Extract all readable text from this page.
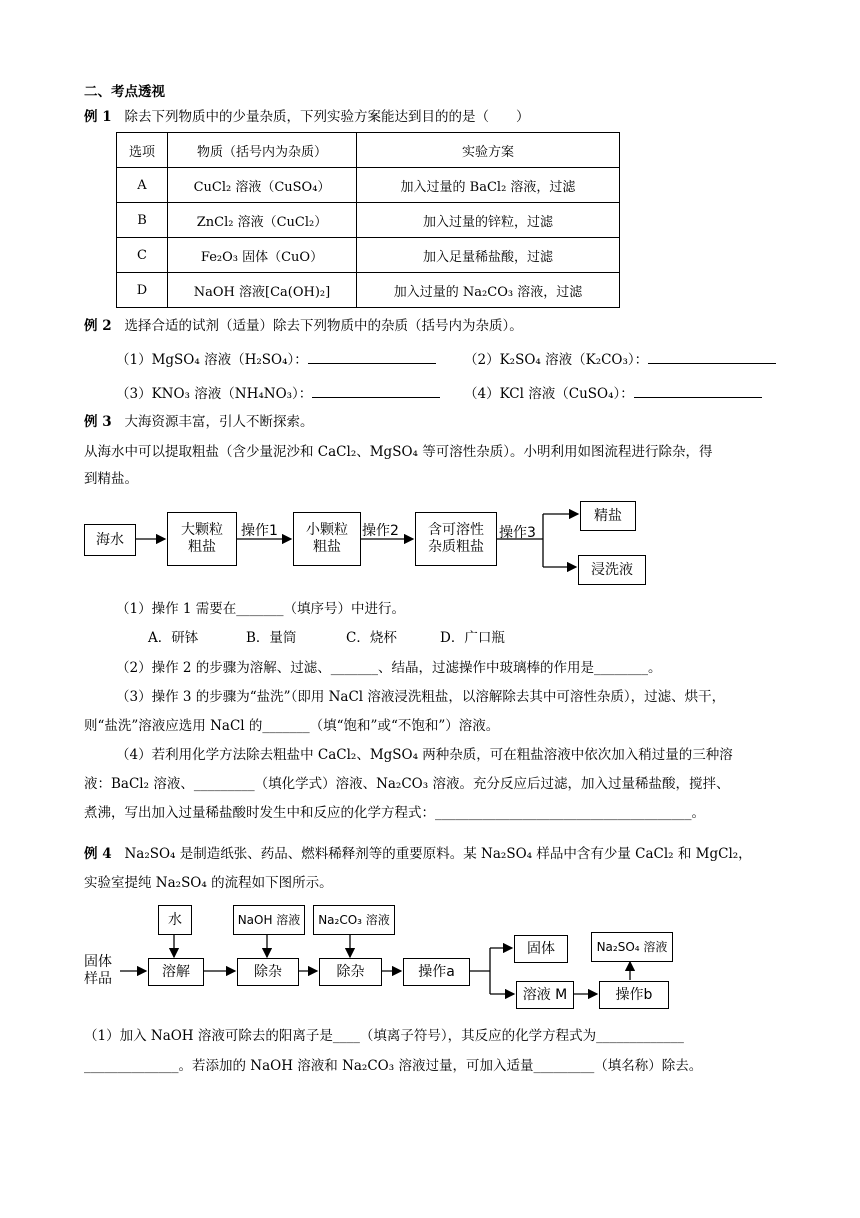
二、考点透视
例 1 除去下列物质中的少量杂质，下列实验方案能达到目的的是（　　）
选项	物质（括号内为杂质）	实验方案
A	CuCl₂ 溶液（CuSO₄）	加入过量的 BaCl₂ 溶液，过滤
B	ZnCl₂ 溶液（CuCl₂）	加入过量的锌粒，过滤
C	Fe₂O₃ 固体（CuO）	加入足量稀盐酸，过滤
D	NaOH 溶液[Ca(OH)₂]	加入过量的 Na₂CO₃ 溶液，过滤
例 2 选择合适的试剂（适量）除去下列物质中的杂质（括号内为杂质）。
（1）MgSO₄ 溶液（H₂SO₄）：	（2）K₂SO₄ 溶液（K₂CO₃）：
（3）KNO₃ 溶液（NH₄NO₃）：	（4）KCl 溶液（CuSO₄）：
例 3 大海资源丰富，引人不断探索。
从海水中可以提取粗盐（含少量泥沙和 CaCl₂、MgSO₄ 等可溶性杂质）。小明利用如图流程进行除杂，得
到精盐。
海水
大颗粒
粗盐
操作1 小颗粒
粗盐
操作2 含可溶性
杂质粗盐
操作3
精盐
浸洗液
（1）操作 1 需要在_______（填序号）中进行。
A．研钵	B．量筒	C．烧杯	D．广口瓶
（2）操作 2 的步骤为溶解、过滤、_______、结晶，过滤操作中玻璃棒的作用是________。
（3）操作 3 的步骤为“盐洗”（即用 NaCl 溶液浸洗粗盐，以溶解除去其中可溶性杂质），过滤、烘干，
则“盐洗”溶液应选用 NaCl 的_______（填“饱和”或“不饱和”）溶液。
（4）若利用化学方法除去粗盐中 CaCl₂、MgSO₄ 两种杂质，可在粗盐溶液中依次加入稍过量的三种溶
液：BaCl₂ 溶液、_________（填化学式）溶液、Na₂CO₃ 溶液。充分反应后过滤，加入过量稀盐酸，搅拌、
煮沸，写出加入过量稀盐酸时发生中和反应的化学方程式：______________________________________。
例 4 Na₂SO₄ 是制造纸张、药品、燃料稀释剂等的重要原料。某 Na₂SO₄ 样品中含有少量 CaCl₂ 和 MgCl₂，
实验室提纯 Na₂SO₄ 的流程如下图所示。
水	NaOH 溶液 Na₂CO₃ 溶液
固体
样品	溶解	除杂	除杂	操作a
固体
溶液 M	操作b
Na₂SO₄ 溶液
（1）加入 NaOH 溶液可除去的阳离子是____（填离子符号），其反应的化学方程式为_____________
______________。若添加的 NaOH 溶液和 Na₂CO₃ 溶液过量，可加入适量_________（填名称）除去。
